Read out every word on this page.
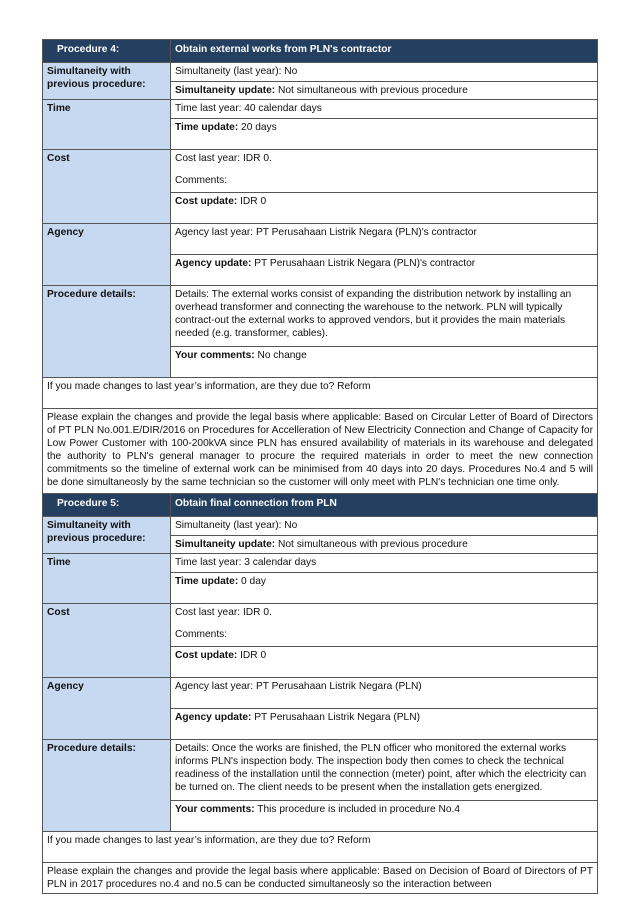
Procedure 4:	Obtain external works from PLN's contractor
Simultaneity with previous procedure:	Simultaneity (last year): No
	Simultaneity update: Not simultaneous with previous procedure
Time	Time last year: 40 calendar days
	Time update: 20 days
Cost	Cost last year: IDR 0.
Comments:

	Cost update: IDR 0
Agency	Agency last year: PT Perusahaan Listrik Negara (PLN)'s contractor
	Agency update: PT Perusahaan Listrik Negara (PLN)'s contractor
Procedure details:	Details: The external works consist of expanding the distribution network by installing an overhead transformer and connecting the warehouse to the network. PLN will typically contract-out the external works to approved vendors, but it provides the main materials needed (e.g. transformer, cables).
	Your comments: No change
If you made changes to last year’s information, are they due to? Reform	
Please explain the changes and provide the legal basis where applicable: Based on Circular Letter of Board of Directors of PT PLN No.001.E/DIR/2016 on Procedures for Accelleration of New Electricity Connection and Change of Capacity for Low Power Customer with 100-200kVA since PLN has ensured availability of materials in its warehouse and delegated the authority to PLN's general manager to procure the required materials in order to meet the new connection commitments so the timeline of external work can be minimised from 40 days into 20 days. Procedures No.4 and 5 will be done simultaneosly by the same technician so the customer will only meet with PLN's technician one time only.	
Procedure 5:	Obtain final connection from PLN
Simultaneity with previous procedure:	Simultaneity (last year): No
	Simultaneity update: Not simultaneous with previous procedure
Time	Time last year: 3 calendar days
	Time update: 0 day
Cost	Cost last year: IDR 0.
Comments:

	Cost update: IDR 0
Agency	Agency last year: PT Perusahaan Listrik Negara (PLN)
	Agency update: PT Perusahaan Listrik Negara (PLN)
Procedure details:	Details: Once the works are finished, the PLN officer who monitored the external works informs PLN's inspection body. The inspection body then comes to check the technical readiness of the installation until the connection (meter) point, after which the electricity can be turned on. The client needs to be present when the installation gets energized.
	Your comments: This procedure is included in procedure No.4
If you made changes to last year’s information, are they due to? Reform	
Please explain the changes and provide the legal basis where applicable: Based on Decision of Board of Directors of PT PLN in 2017 procedures no.4 and no.5 can be conducted simultaneosly so the interaction between	
